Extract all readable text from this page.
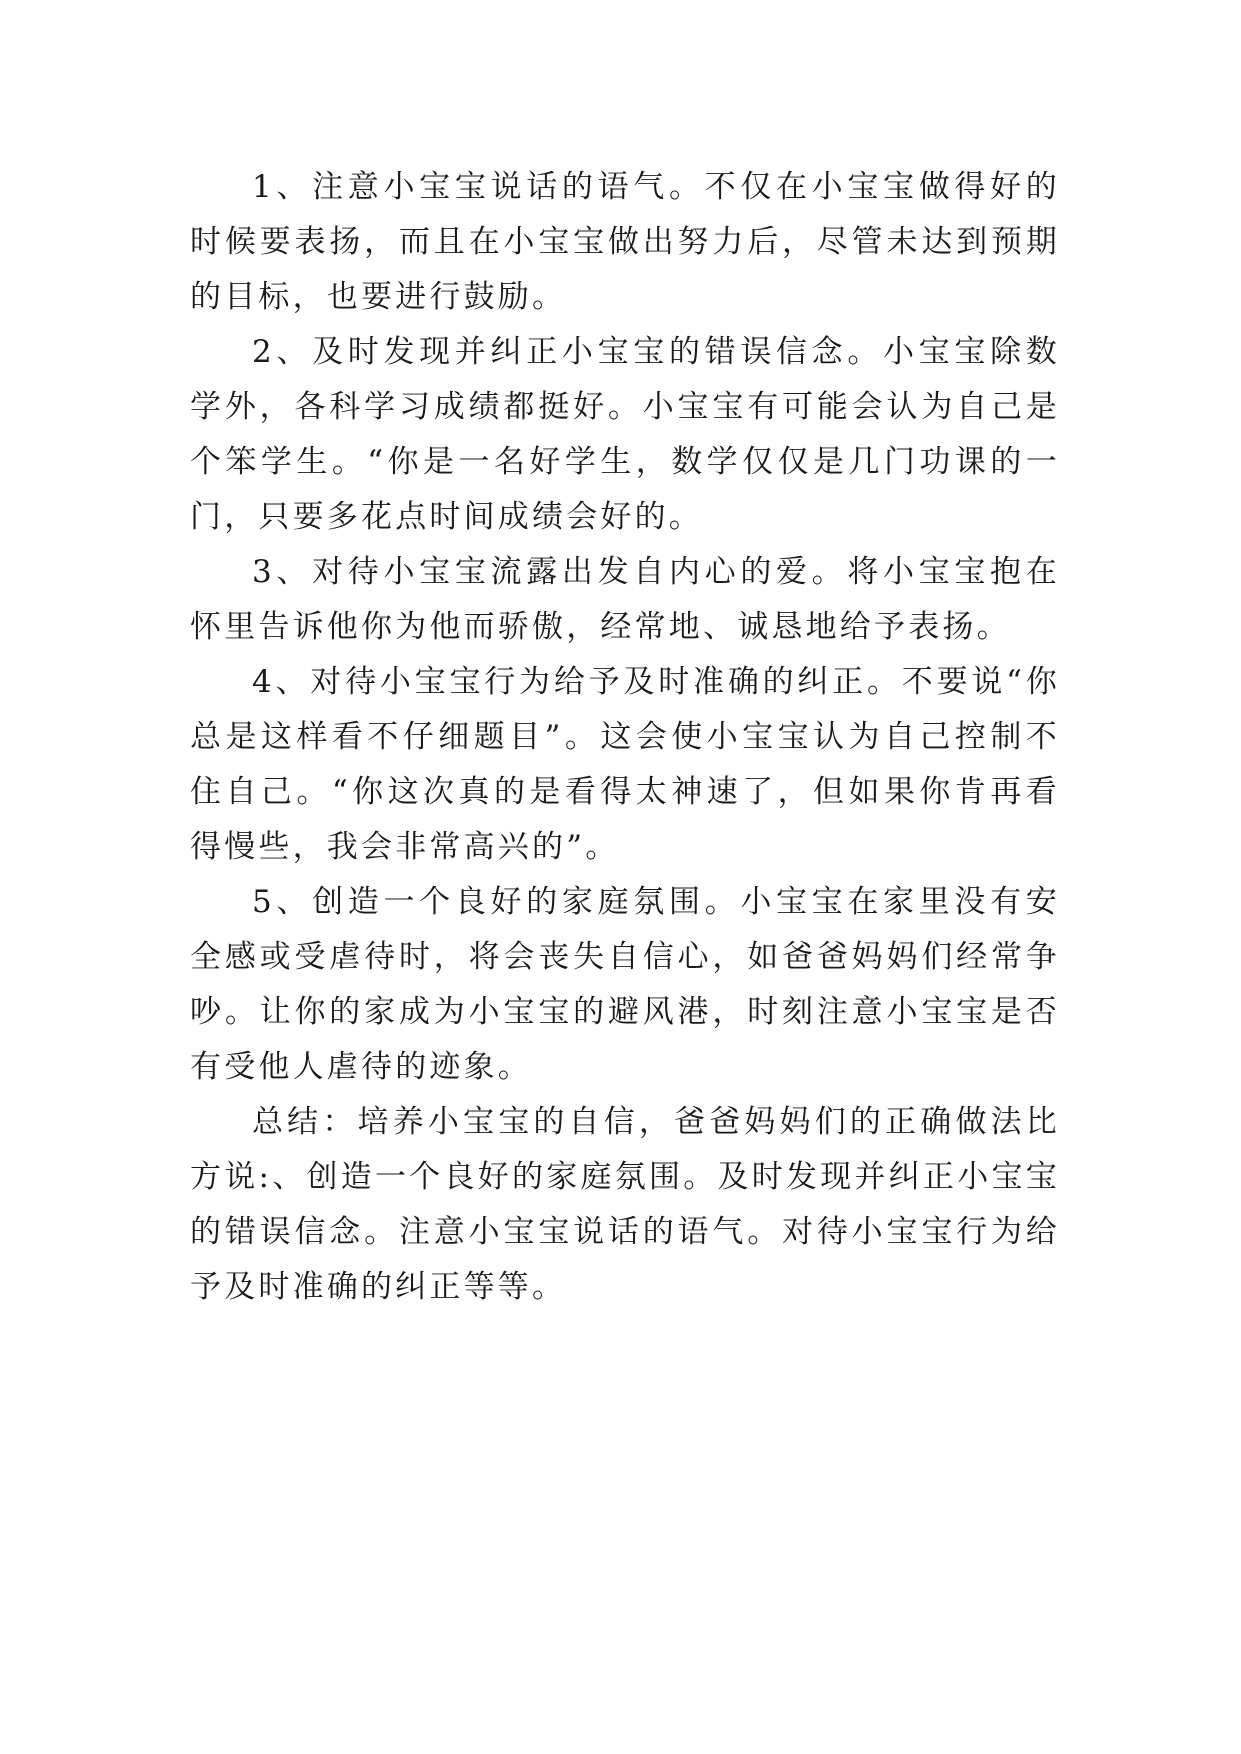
1、注意小宝宝说话的语气。不仅在小宝宝做得好的时候要表扬，而且在小宝宝做出努力后，尽管未达到预期的目标，也要进行鼓励。

2、及时发现并纠正小宝宝的错误信念。小宝宝除数学外，各科学习成绩都挺好。小宝宝有可能会认为自己是个笨学生。“你是一名好学生，数学仅仅是几门功课的一门，只要多花点时间成绩会好的。

3、对待小宝宝流露出发自内心的爱。将小宝宝抱在怀里告诉他你为他而骄傲，经常地、诚恳地给予表扬。

4、对待小宝宝行为给予及时准确的纠正。不要说“你总是这样看不仔细题目”。这会使小宝宝认为自己控制不住自己。“你这次真的是看得太神速了，但如果你肯再看得慢些，我会非常高兴的”。

5、创造一个良好的家庭氛围。小宝宝在家里没有安全感或受虐待时，将会丧失自信心，如爸爸妈妈们经常争吵。让你的家成为小宝宝的避风港，时刻注意小宝宝是否有受他人虐待的迹象。

总结：培养小宝宝的自信，爸爸妈妈们的正确做法比方说:、创造一个良好的家庭氛围。及时发现并纠正小宝宝的错误信念。注意小宝宝说话的语气。对待小宝宝行为给予及时准确的纠正等等。
